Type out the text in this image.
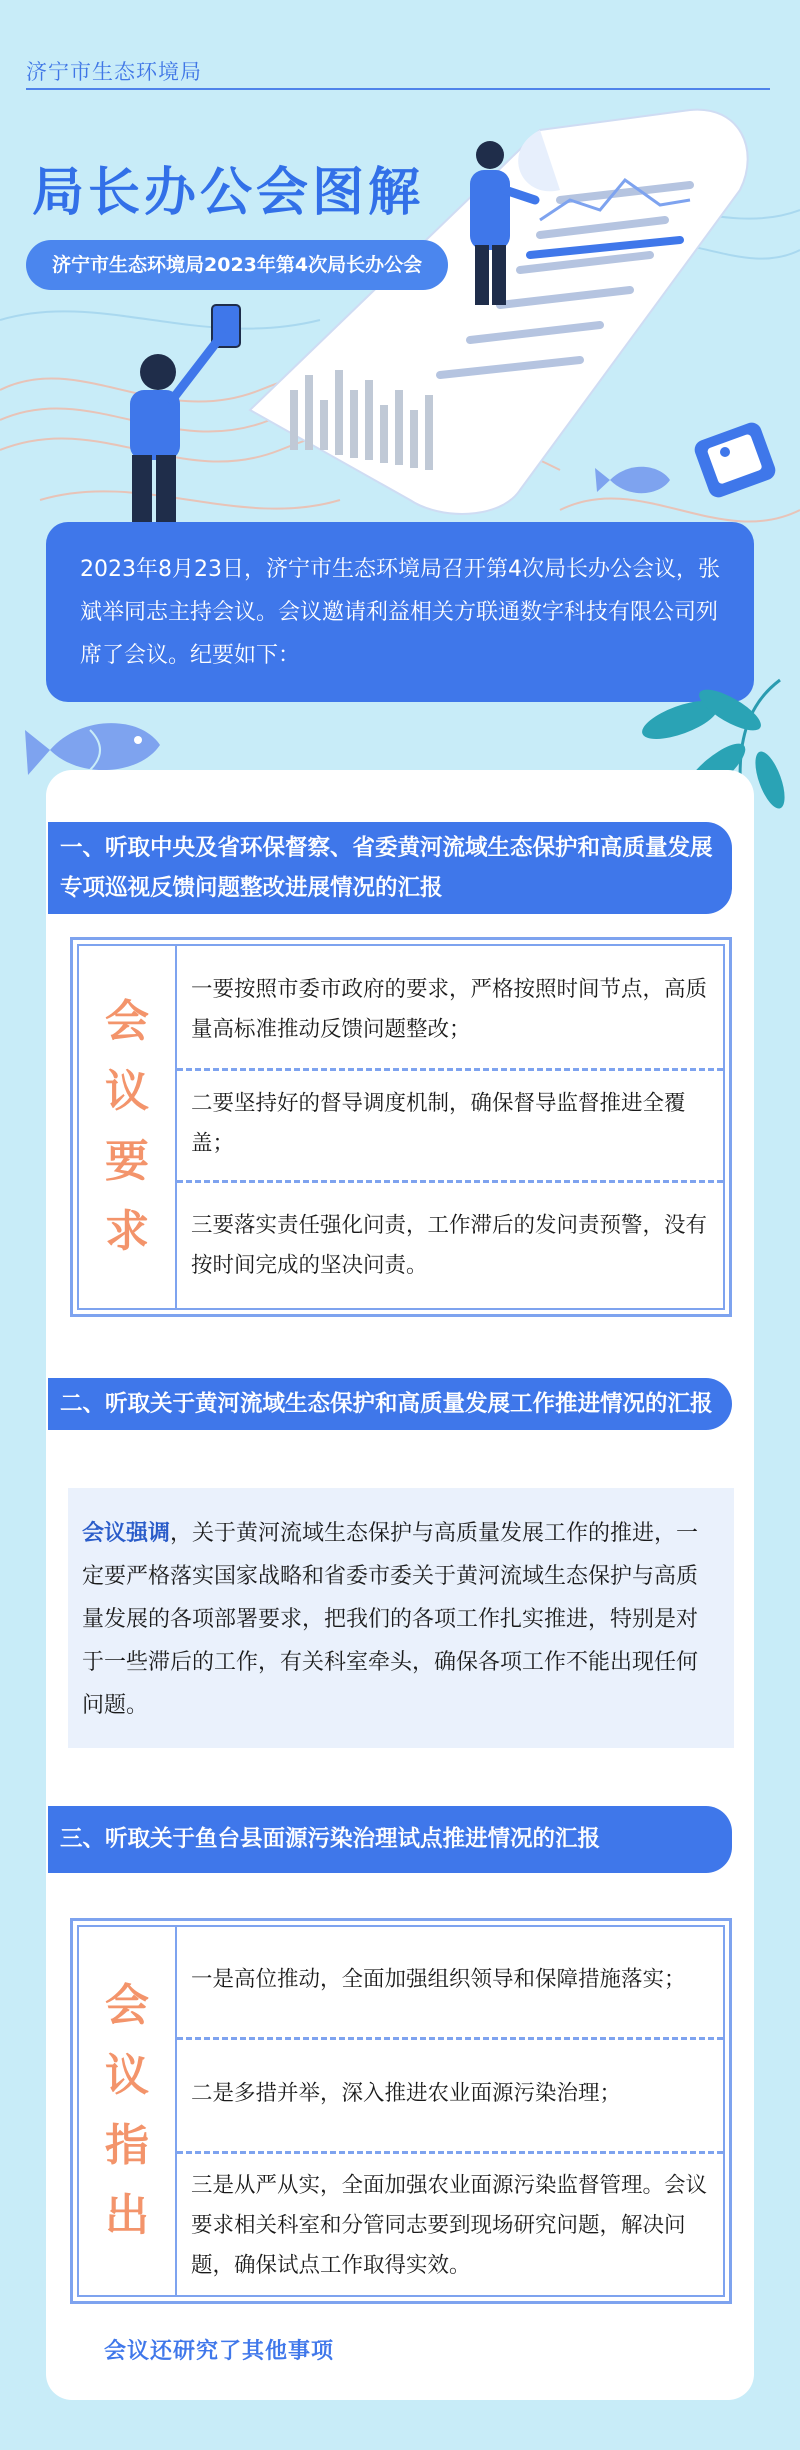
济宁市生态环境局
局长办公会图解
济宁市生态环境局2023年第4次局长办公会
2023年8月23日，济宁市生态环境局召开第4次局长办公会议，张斌举同志主持会议。会议邀请利益相关方联通数字科技有限公司列席了会议。纪要如下：
一、听取中央及省环保督察、省委黄河流域生态保护和高质量发展专项巡视反馈问题整改进展情况的汇报
会
议
要
求
一要按照市委市政府的要求，严格按照时间节点，高质量高标准推动反馈问题整改；
二要坚持好的督导调度机制，确保督导监督推进全覆盖；
三要落实责任强化问责，工作滞后的发问责预警，没有按时间完成的坚决问责。
二、听取关于黄河流域生态保护和高质量发展工作推进情况的汇报
会议强调，关于黄河流域生态保护与高质量发展工作的推进，一定要严格落实国家战略和省委市委关于黄河流域生态保护与高质量发展的各项部署要求，把我们的各项工作扎实推进，特别是对于一些滞后的工作，有关科室牵头，确保各项工作不能出现任何问题。
三、听取关于鱼台县面源污染治理试点推进情况的汇报
会
议
指
出
一是高位推动，全面加强组织领导和保障措施落实；
二是多措并举，深入推进农业面源污染治理；
三是从严从实，全面加强农业面源污染监督管理。会议要求相关科室和分管同志要到现场研究问题，解决问题，确保试点工作取得实效。
会议还研究了其他事项
